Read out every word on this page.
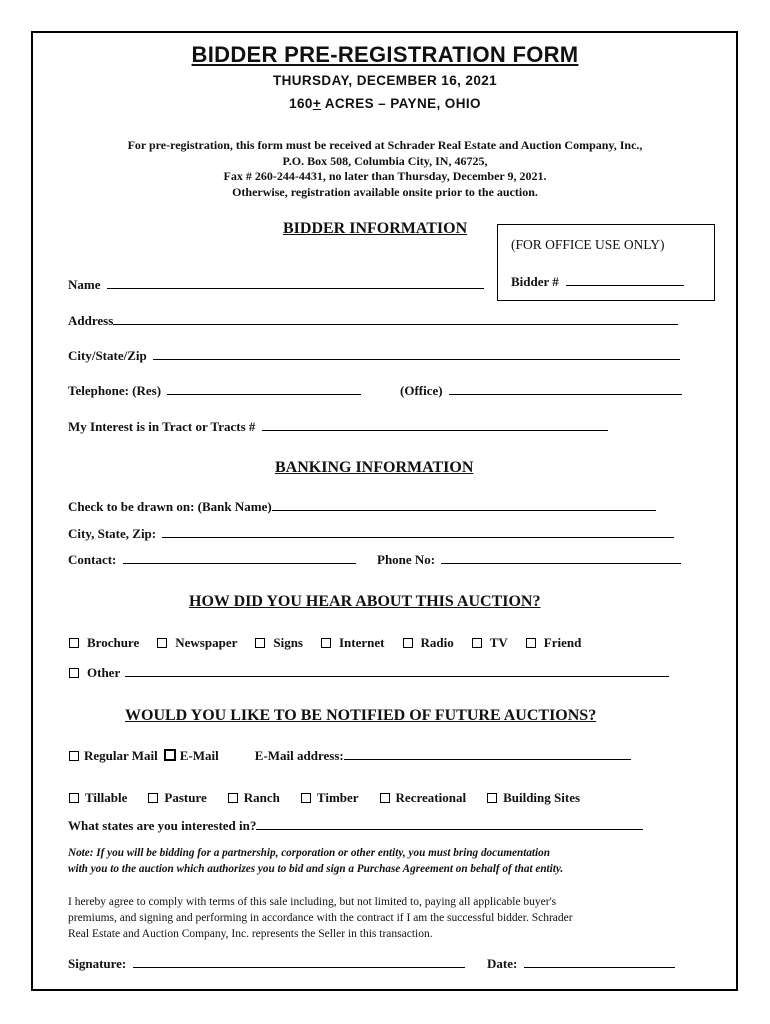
BIDDER PRE-REGISTRATION FORM
THURSDAY, DECEMBER 16, 2021
160+ ACRES – PAYNE, OHIO
For pre-registration, this form must be received at Schrader Real Estate and Auction Company, Inc.,
P.O. Box 508, Columbia City, IN, 46725,
Fax # 260-244-4431, no later than Thursday, December 9, 2021.
Otherwise, registration available onsite prior to the auction.
BIDDER INFORMATION
(FOR OFFICE USE ONLY)
Bidder #
Name
Address
City/State/Zip
Telephone: (Res)	(Office)
My Interest is in Tract or Tracts #
BANKING INFORMATION
Check to be drawn on: (Bank Name)
City, State, Zip:
Contact:	Phone No:
HOW DID YOU HEAR ABOUT THIS AUCTION?
Brochure	Newspaper	Signs	Internet	Radio	TV	Friend
Other
WOULD YOU LIKE TO BE NOTIFIED OF FUTURE AUCTIONS?
Regular Mail E-Mail	E-Mail address:
Tillable	Pasture	Ranch	Timber	Recreational	Building Sites
What states are you interested in?
Note: If you will be bidding for a partnership, corporation or other entity, you must bring documentation
with you to the auction which authorizes you to bid and sign a Purchase Agreement on behalf of that entity.
I hereby agree to comply with terms of this sale including, but not limited to, paying all applicable buyer's
premiums, and signing and performing in accordance with the contract if I am the successful bidder. Schrader
Real Estate and Auction Company, Inc. represents the Seller in this transaction.
Signature:	Date:
